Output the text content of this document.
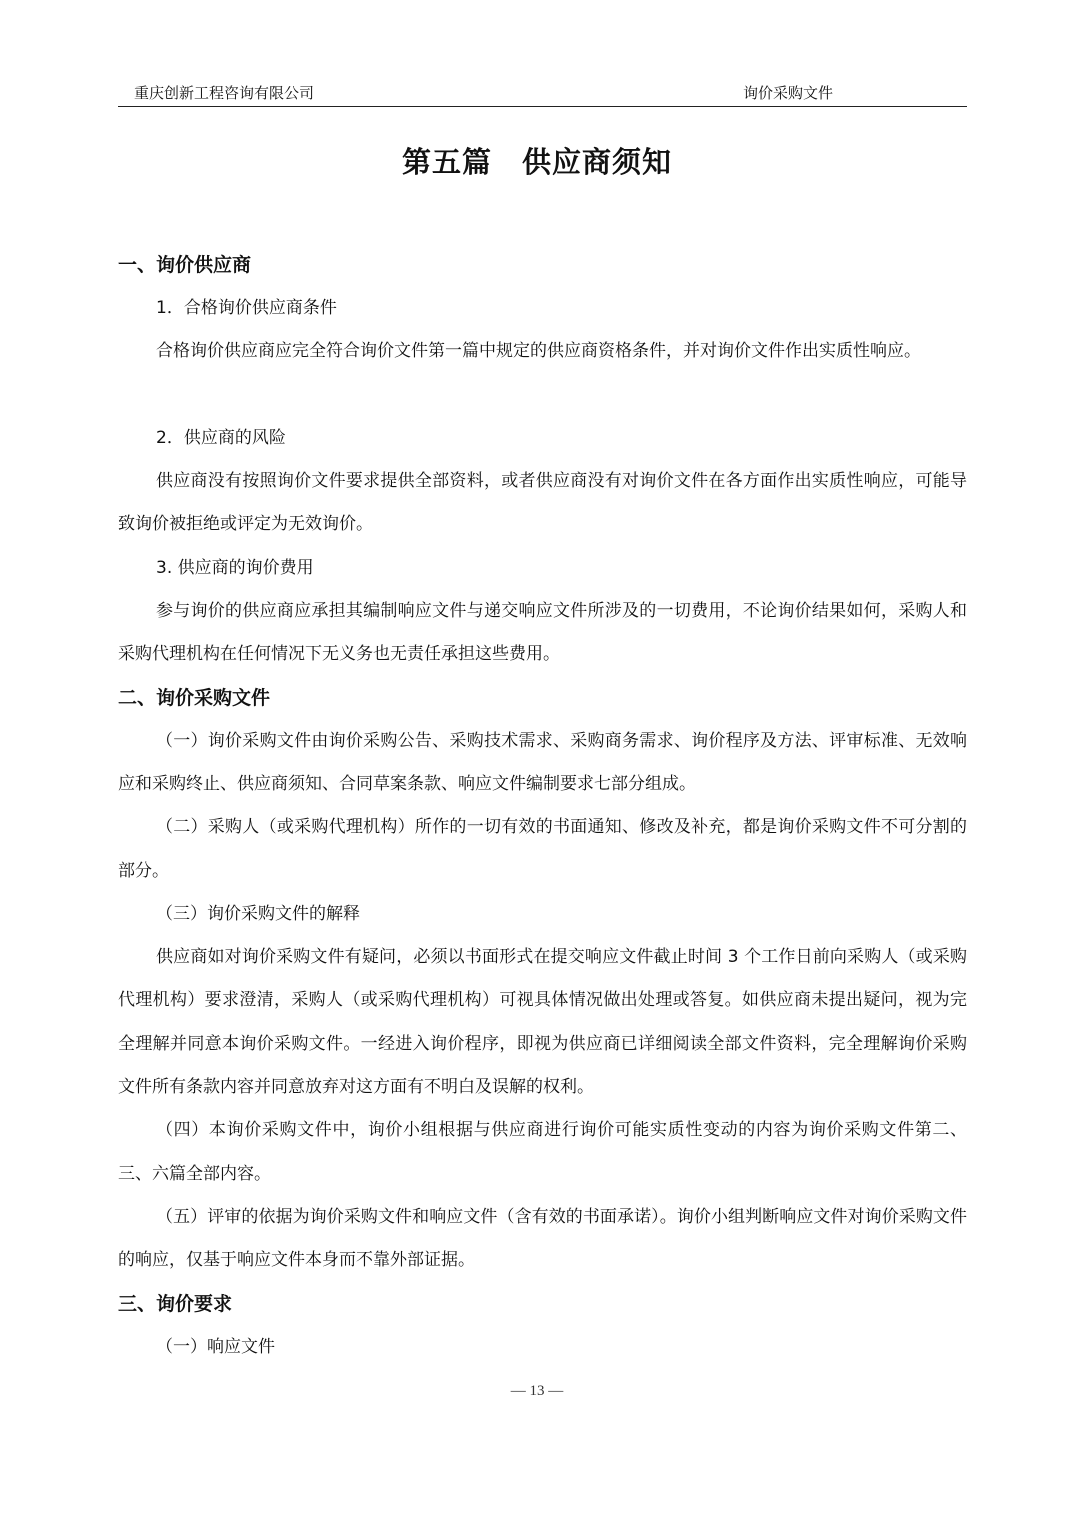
重庆创新工程咨询有限公司	询价采购文件
第五篇　供应商须知
一、询价供应商
1．合格询价供应商条件
合格询价供应商应完全符合询价文件第一篇中规定的供应商资格条件，并对询价文件作出实质性响应。
2．供应商的风险
供应商没有按照询价文件要求提供全部资料，或者供应商没有对询价文件在各方面作出实质性响应，可能导致询价被拒绝或评定为无效询价。
3. 供应商的询价费用
参与询价的供应商应承担其编制响应文件与递交响应文件所涉及的一切费用，不论询价结果如何，采购人和采购代理机构在任何情况下无义务也无责任承担这些费用。
二、询价采购文件
（一）询价采购文件由询价采购公告、采购技术需求、采购商务需求、询价程序及方法、评审标准、无效响应和采购终止、供应商须知、合同草案条款、响应文件编制要求七部分组成。
（二）采购人（或采购代理机构）所作的一切有效的书面通知、修改及补充，都是询价采购文件不可分割的部分。
（三）询价采购文件的解释
供应商如对询价采购文件有疑问，必须以书面形式在提交响应文件截止时间 3 个工作日前向采购人（或采购代理机构）要求澄清，采购人（或采购代理机构）可视具体情况做出处理或答复。如供应商未提出疑问，视为完全理解并同意本询价采购文件。一经进入询价程序，即视为供应商已详细阅读全部文件资料，完全理解询价采购文件所有条款内容并同意放弃对这方面有不明白及误解的权利。
（四）本询价采购文件中，询价小组根据与供应商进行询价可能实质性变动的内容为询价采购文件第二、三、六篇全部内容。
（五）评审的依据为询价采购文件和响应文件（含有效的书面承诺）。询价小组判断响应文件对询价采购文件的响应，仅基于响应文件本身而不靠外部证据。
三、询价要求
（一）响应文件
— 13 —
